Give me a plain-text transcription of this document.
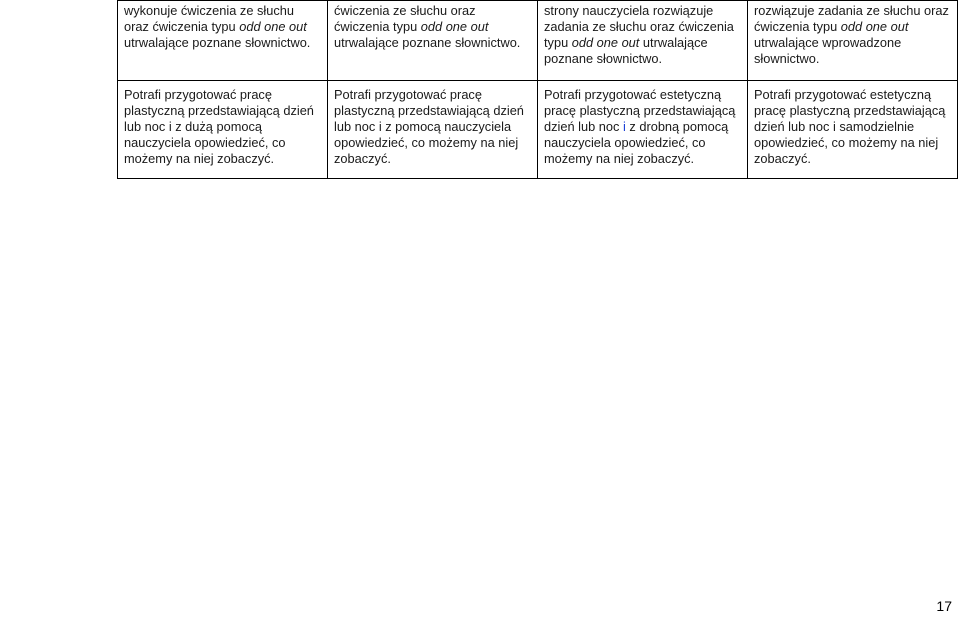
wykonuje ćwiczenia ze słuchu oraz ćwiczenia typu odd one out utrwalające poznane słownictwo.	ćwiczenia ze słuchu oraz ćwiczenia typu odd one out utrwalające poznane słownictwo.	strony nauczyciela rozwiązuje zadania ze słuchu oraz ćwiczenia typu odd one out utrwalające poznane słownictwo.	rozwiązuje zadania ze słuchu oraz ćwiczenia typu odd one out utrwalające wprowadzone słownictwo.

Potrafi przygotować pracę plastyczną przedstawiającą dzień lub noc i z dużą pomocą nauczyciela opowiedzieć, co możemy na niej zobaczyć.	Potrafi przygotować pracę plastyczną przedstawiającą dzień lub noc i z pomocą nauczyciela opowiedzieć, co możemy na niej zobaczyć.	Potrafi przygotować estetyczną pracę plastyczną przedstawiającą dzień lub noc i z drobną pomocą nauczyciela opowiedzieć, co możemy na niej zobaczyć.	Potrafi przygotować estetyczną pracę plastyczną przedstawiającą dzień lub noc i samodzielnie opowiedzieć, co możemy na niej zobaczyć.
17
